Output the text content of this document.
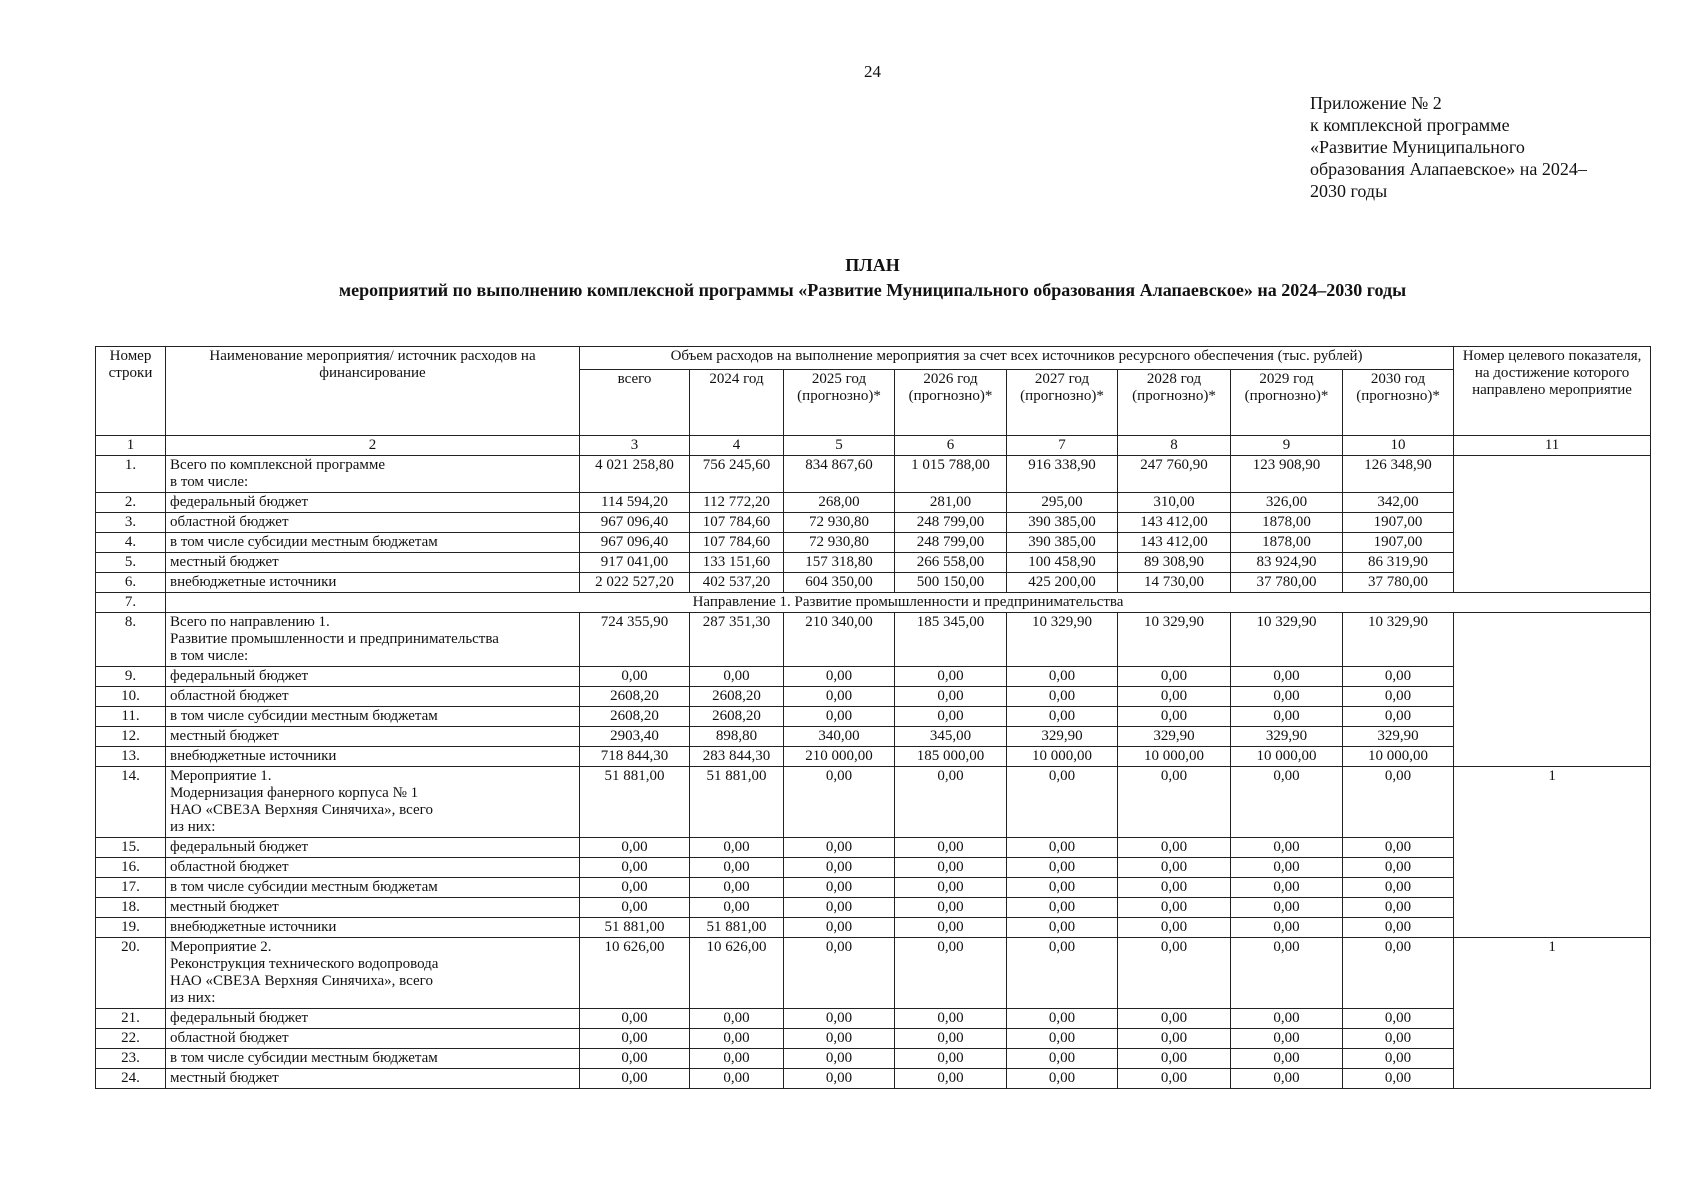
24
Приложение № 2
к комплексной программе
«Развитие Муниципального
образования Алапаевское» на 2024–
2030 годы
ПЛАН
мероприятий по выполнению комплексной программы «Развитие Муниципального образования Алапаевское» на 2024–2030 годы
Номер строки	Наименование мероприятия/ источник расходов на финансирование	Объем расходов на выполнение мероприятия за счет всех источников ресурсного обеспечения (тыс. рублей)								Номер целевого показателя, на достижение которого направлено мероприятие
		всего	2024 год	2025 год (прогнозно)*	2026 год (прогнозно)*	2027 год (прогнозно)*	2028 год (прогнозно)*	2029 год (прогнозно)*	2030 год (прогнозно)*	
1	2	3	4	5	6	7	8	9	10	11
1.	Всего по комплексной программе
в том числе:	4 021 258,80	756 245,60	834 867,60	1 015 788,00	916 338,90	247 760,90	123 908,90	126 348,90	
2.	федеральный бюджет	114 594,20	112 772,20	268,00	281,00	295,00	310,00	326,00	342,00	
3.	областной бюджет	967 096,40	107 784,60	72 930,80	248 799,00	390 385,00	143 412,00	1878,00	1907,00	
4.	в том числе субсидии местным бюджетам	967 096,40	107 784,60	72 930,80	248 799,00	390 385,00	143 412,00	1878,00	1907,00	
5.	местный бюджет	917 041,00	133 151,60	157 318,80	266 558,00	100 458,90	89 308,90	83 924,90	86 319,90	
6.	внебюджетные источники	2 022 527,20	402 537,20	604 350,00	500 150,00	425 200,00	14 730,00	37 780,00	37 780,00	
7.	Направление 1. Развитие промышленности и предпринимательства									
8.	Всего по направлению 1.
Развитие промышленности и предпринимательства
в том числе:	724 355,90	287 351,30	210 340,00	185 345,00	10 329,90	10 329,90	10 329,90	10 329,90	
9.	федеральный бюджет	0,00	0,00	0,00	0,00	0,00	0,00	0,00	0,00	
10.	областной бюджет	2608,20	2608,20	0,00	0,00	0,00	0,00	0,00	0,00	
11.	в том числе субсидии местным бюджетам	2608,20	2608,20	0,00	0,00	0,00	0,00	0,00	0,00	
12.	местный бюджет	2903,40	898,80	340,00	345,00	329,90	329,90	329,90	329,90	
13.	внебюджетные источники	718 844,30	283 844,30	210 000,00	185 000,00	10 000,00	10 000,00	10 000,00	10 000,00	
14.	Мероприятие 1.
Модернизация фанерного корпуса № 1
НАО «СВЕЗА Верхняя Синячиха», всего
из них:	51 881,00	51 881,00	0,00	0,00	0,00	0,00	0,00	0,00	1
15.	федеральный бюджет	0,00	0,00	0,00	0,00	0,00	0,00	0,00	0,00	
16.	областной бюджет	0,00	0,00	0,00	0,00	0,00	0,00	0,00	0,00	
17.	в том числе субсидии местным бюджетам	0,00	0,00	0,00	0,00	0,00	0,00	0,00	0,00	
18.	местный бюджет	0,00	0,00	0,00	0,00	0,00	0,00	0,00	0,00	
19.	внебюджетные источники	51 881,00	51 881,00	0,00	0,00	0,00	0,00	0,00	0,00	
20.	Мероприятие 2.
Реконструкция технического водопровода
НАО «СВЕЗА Верхняя Синячиха», всего
из них:	10 626,00	10 626,00	0,00	0,00	0,00	0,00	0,00	0,00	1
21.	федеральный бюджет	0,00	0,00	0,00	0,00	0,00	0,00	0,00	0,00	
22.	областной бюджет	0,00	0,00	0,00	0,00	0,00	0,00	0,00	0,00	
23.	в том числе субсидии местным бюджетам	0,00	0,00	0,00	0,00	0,00	0,00	0,00	0,00	
24.	местный бюджет	0,00	0,00	0,00	0,00	0,00	0,00	0,00	0,00	
